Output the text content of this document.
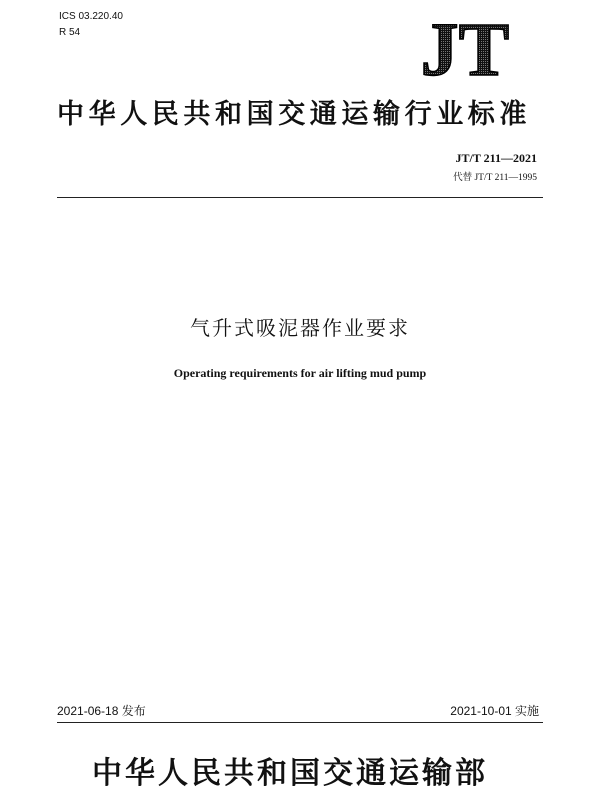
ICS 03.220.40
R 54	JT
中华人民共和国交通运输行业标准
JT/T 211—2021
代替 JT/T 211—1995
气升式吸泥器作业要求
Operating requirements for air lifting mud pump
2021-06-18 发布	2021-10-01 实施
中华人民共和国交通运输部
